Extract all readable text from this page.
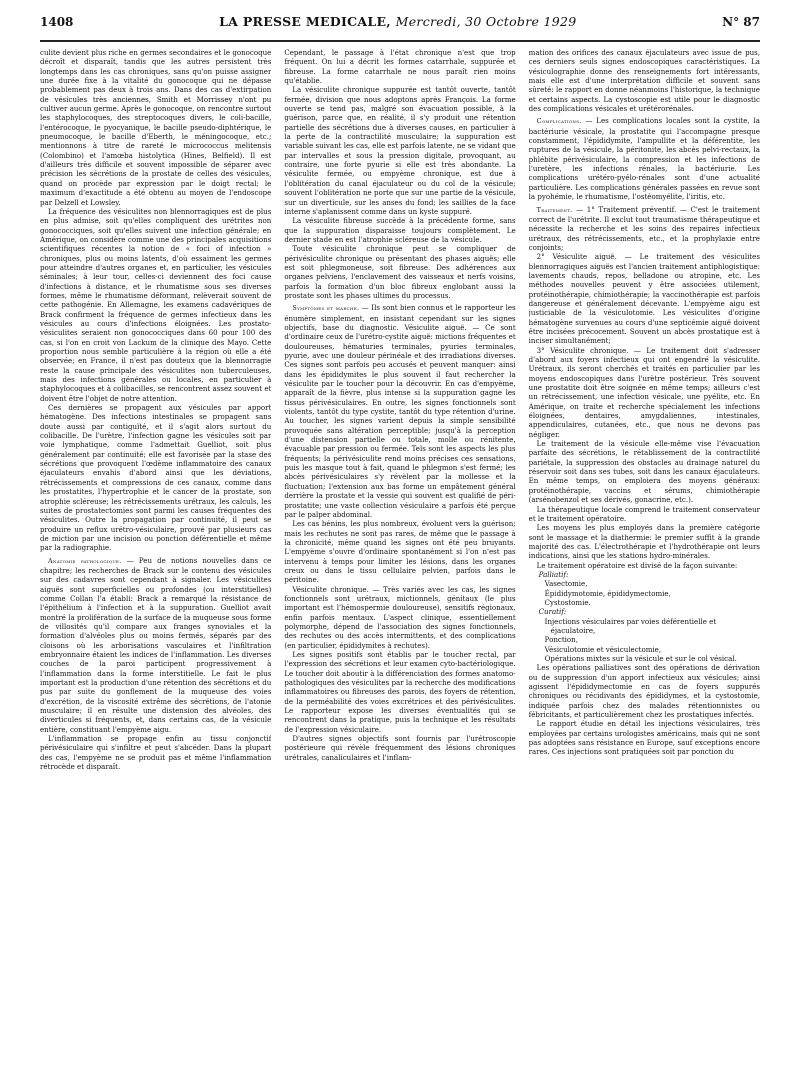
1408	LA PRESSE MEDICALE, Mercredi, 30 Octobre 1929	N° 87

culite devient plus riche en germes secondaires et le gonocoque décroît et disparaît, tandis que les autres persistent très longtemps dans les cas chroniques, sans qu'on puisse assigner une durée fixe à la vitalité du gonocoque qui ne dépasse probablement pas deux à trois ans. Dans des cas d'extirpation de vésicules très anciennes, Smith et Morrissey n'ont pu cultiver aucun germe. Après le gonocoque, on rencontre surtout les staphylocoques, des streptocoques divers, le coli-bacille, l'entérocoque, le pyocyanique, le bacille pseudo-diphtérique, le pneumocoque, le bacille d'Eberth, le méningocoque, etc.; mentionnons à titre de rareté le micrococcus melitensis (Colombino) et l'amœba histolytica (Hines, Belfield). Il est d'ailleurs très difficile et souvent impossible de séparer avec précision les sécrétions de la prostate de celles des vésicules, quand on procède par expression par le doigt rectal; le maximum d'exactitude a été obtenu au moyen de l'endoscope par Delzell et Lowsley.

La fréquence des vésiculites non blennorragiques est de plus en plus admise, soit qu'elles compliquent des urétrites non gonococciques, soit qu'elles suivent une infection générale; en Amérique, on considère comme une des principales acquisitions scientifiques récentes la notion de « foci of infection » chroniques, plus ou moins latents, d'où essaiment les germes pour atteindre d'autres organes et, en particulier, les vésicules séminales; à leur tour, celles-ci deviennent des foci cause d'infections à distance, et le rhumatisme sous ses diverses formes, même le rhumatisme déformant, relèverait souvent de cette pathogénie. En Allemagne, les examens cadavériques de Brack confirment la fréquence de germes infectieux dans les vésicules au cours d'infections éloignées. Les prostato-vésiculites seraient non gonococciques dans 60 pour 100 des cas, si l'on en croit von Lackum de la clinique des Mayo. Cette proportion nous semble particulière à la région où elle a été observée; en France, il n'est pas douteux que la blennorragie reste la cause principale des vésiculites non tuberculeuses, mais des infections générales ou locales, en particulier à staphylocoques et à colibacilles, se rencontrent assez souvent et doivent être l'objet de notre attention.

Ces dernières se propagent aux vésicules par apport hématogène. Des infections intestinales se propagent sans doute aussi par contiguïté, et il s'agit alors surtout du colibacille. De l'urètre, l'infection gagne les vésicules soit par voie lymphatique, comme l'admettait Guelliot, soit plus généralement par continuité; elle est favorisée par la stase des sécrétions que provoquent l'œdème inflammatoire des canaux éjaculateurs envahis d'abord ainsi que les déviations, rétrécissements et compressions de ces canaux, comme dans les prostatites, l'hypertrophie et le cancer de la prostate, son atrophie scléreuse; les rétrécissements urétraux, les calculs, les suites de prostatectomies sont parmi les causes fréquentes des vésiculites. Outre la propagation par continuité, il peut se produire un reflux urétro-vésiculaire, prouvé par plusieurs cas de miction par une incision ou ponction déférentielle et même par la radiographie.

Anatomie pathologique. — Peu de notions nouvelles dans ce chapitre; les recherches de Brack sur le contenu des vésicules sur des cadavres sont cependant à signaler. Les vésiculites aiguës sont superficielles ou profondes (ou interstitielles) comme Collan l'a établi: Brack a remarqué la résistance de l'épithélium à l'infection et à la suppuration. Guelliot avait montré la prolifération de la surface de la muqueuse sous forme de villosités qu'il compare aux franges synoviales et la formation d'alvéoles plus ou moins fermés, séparés par des cloisons où les arborisations vasculaires et l'infiltration embryonnaire étaient les indices de l'inflammation. Les diverses couches de la paroi participent progressivement à l'inflammation dans la forme interstitielle. Le fait le plus important est la production d'une rétention des sécrétions et du pus par suite du gonflement de la muqueuse des voies d'excrétion, de la viscosité extrême des sécrétions, de l'atonie musculaire; il en résulte une distension des alvéoles, des diverticules si fréquents, et, dans certains cas, de la vésicule entière, constituant l'empyème aigu.

L'inflammation se propage enfin au tissu conjonctif périvésiculaire qui s'infiltre et peut s'abcéder. Dans la plupart des cas, l'empyème ne se produit pas et même l'inflammation rétrocède et disparaît.

Cependant, le passage à l'état chronique n'est que trop fréquent. On lui a décrit les formes catarrhale, suppurée et fibreuse. La forme catarrhale ne nous paraît rien moins qu'établie.

La vésiculite chronique suppurée est tantôt ouverte, tantôt fermée, division que nous adoptons après François. La forme ouverte se tend pas, malgré son évacuation possible, à la guérison, parce que, en réalité, il s'y produit une rétention partielle des sécrétions due à diverses causes, en particulier à la perte de la contractilité musculaire; la suppuration est variable suivant les cas, elle est parfois latente, ne se vidant que par intervalles et sous la pression digitale, provoquant, au contraire, une forte pyurie si elle est très abondante. La vésiculite fermée, ou empyème chronique, est due à l'oblitération du canal éjaculateur ou du col de la vésicule; souvent l'oblitération ne porte que sur une partie de la vésicule, sur un diverticule, sur les anses du fond; les saillies de la face interne s'aplanissent comme dans un kyste suppuré.

La vésiculite fibreuse succède à la précédente forme, sans que la suppuration disparaisse toujours complètement. Le dernier stade en est l'atrophie scléreuse de la vésicule.

Toute vésiculite chronique peut se compliquer de périvésiculite chronique ou présentant des phases aiguës; elle est soit phlegmoneuse, soit fibreuse. Des adhérences aux organes pelviens, l'enclavement des vaisseaux et nerfs voisins, parfois la formation d'un bloc fibreux englobant aussi la prostate sont les phases ultimes du processus.

Symptômes et marche. — Ils sont bien connus et le rapporteur les énumère simplement, en insistant cependant sur les signes objectifs, base du diagnostic. Vésiculite aiguë. — Ce sont d'ordinaire ceux de l'urétro-cystite aiguë: mictions fréquentes et douloureuses, hématuries terminales, pyuries terminales, pyurie, avec une douleur périnéale et des irradiations diverses. Ces signes sont parfois peu accusés et peuvent manquer: ainsi dans les épididymites le plus souvent il faut rechercher la vésiculite par le toucher pour la découvrir. En cas d'empyème, apparaît de la fièvre, plus intense si la suppuration gagne les tissus périvésiculaires. En outre, les signes fonctionnels sont violents, tantôt du type cystite, tantôt du type rétention d'urine. Au toucher, les signes varient depuis la simple sensibilité provoquée sans altération perceptible; jusqu'à la perception d'une distension partielle ou totale, molle ou rénitente, évacuable par pression ou fermée. Tels sont les aspects les plus fréquents; la périvésiculite rend moins précises ces sensations, puis les masque tout à fait, quand le phlegmon s'est fermé; les abcès périvésiculaires s'y révèlent par la mollesse et la fluctuation; l'extension aux bas forme un empâtement général derrière la prostate et la vessie qui souvent est qualifié de péri-prostatite; une vaste collection vésiculaire a parfois été perçue par le palper abdominal.

Les cas bénins, les plus nombreux, évoluent vers la guérison; mais les rechutes ne sont pas rares, de même que le passage à la chronicité, même quand les signes ont été peu bruyants. L'empyème s'ouvre d'ordinaire spontanément si l'on n'est pas intervenu à temps pour limiter les lésions, dans les organes creux ou dans le tissu cellulaire pelvien, parfois dans le péritoine.

Vésiculite chronique. — Très variés avec les cas, les signes fonctionnels sont urétraux, mictionnels, génitaux (le plus important est l'hémospermie douloureuse), sensitifs régionaux, enfin parfois mentaux. L'aspect clinique, essentiellement polymorphe, dépend de l'association des signes fonctionnels, des rechutes ou des accès intermittents, et des complications (en particulier, épididymites à rechutes).

Les signes positifs sont établis par le toucher rectal, par l'expression des sécrétions et leur examen cyto-bactériologique. Le toucher doit aboutir à la différenciation des formes anatomo-pathologiques des vésiculites par la recherche des modifications inflammatoires ou fibreuses des parois, des foyers de rétention, de la perméabilité des voies excrétrices et des périvésiculites. Le rapporteur expose les diverses éventualités qui se rencontrent dans la pratique, puis la technique et les résultats de l'expression vésiculaire.

D'autres signes objectifs sont fournis par l'urétroscopie postérieure qui révèle fréquemment des lésions chroniques urétrales, canaliculaires et l'inflam-

mation des orifices des canaux éjaculateurs avec issue de pus, ces derniers seuls signes endoscopiques caractéristiques. La vésiculographie donne des renseignements fort intéressants, mais elle est d'une interprétation difficile et souvent sans sûreté: le rapport en donne néanmoins l'historique, la technique et certains aspects. La cystoscopie est utile pour le diagnostic des complications vésicales et urétérorénales.

Complications. — Les complications locales sont la cystite, la bactériurie vésicale, la prostatite qui l'accompagne presque constamment, l'épididymite, l'ampullite et la déférentite, les ruptures de la vésicule, la péritonite, les abcès pelvi-rectaux, la phlébite périvésiculaire, la compression et les infections de l'uretère, les infections rénales, la bactériurie. Les complications urétéro-pyélo-rénales sont d'une actualité particulière. Les complications générales passées en revue sont la pyohémie, le rhumatisme, l'ostéomyélite, l'iritis, etc.

Traitement. — 1° Traitement préventif. — C'est le traitement correct de l'urétrite. Il exclut tout traumatisme thérapeutique et nécessite la recherche et les soins des repaires infectieux urétraux, des rétrécissements, etc., et la prophylaxie entre conjoints;

2° Vésiculite aiguë. — Le traitement des vésiculites blennorragiques aiguës est l'ancien traitement antiphlogistique: lavements chauds, repos, belladone ou atropine, etc. Les méthodes nouvelles peuvent y être associées utilement, protéinothérapie, chimiothérapie; la vaccinothérapie est parfois dangereuse et généralement décevante. L'empyème aigu est justiciable de la vésiculotomie. Les vésiculites d'origine hématogène survenues au cours d'une septicémie aiguë doivent être incisées précocement. Souvent un abcès prostatique est à inciser simultanément;

3° Vésiculite chronique. — Le traitement doit s'adresser d'abord aux foyers infectieux qui ont engendré la vésiculite. Urétraux, ils seront cherchés et traités en particulier par les moyens endoscopiques dans l'urètre postérieur. Très souvent une prostatite doit être soignée en même temps; ailleurs c'est un rétrécissement, une infection vésicale, une pyélite, etc. En Amérique, on traite et recherche spécialement les infections éloignées, dentaires, amygdaliennes, intestinales, appendiculaires, cutanées, etc., que nous ne devons pas négliger.

Le traitement de la vésicule elle-même vise l'évacuation parfaite des sécrétions, le rétablissement de la contractilité pariétale, la suppression des obstacles au drainage naturel du réservoir soit dans ses tubes, soit dans les canaux éjaculateurs. En même temps, on emploiera des moyens généraux: protéinothérapie, vaccins et sérums, chimiothérapie (arsénobenzol et ses dérivés, gonacrine, etc.).

La thérapeutique locale comprend le traitement conservateur et le traitement opératoire.

Les moyens les plus employés dans la première catégorie sont le massage et la diathermie: le premier suffit à la grande majorité des cas. L'électrothérapie et l'hydrothérapie ont leurs indications, ainsi que les stations hydro-minérales.

Le traitement opératoire est divisé de la façon suivante:

Palliatif:

Vasectomie,

Épididymotomie, épididymectomie,

Cystostomie.

Curatif:

Injections vésiculaires par voies déférentielle et éjaculatoire,

Ponction,

Vésiculotomie et vésiculectomie,

Opérations mixtes sur la vésicule et sur le col vésical.

Les opérations palliatives sont des opérations de dérivation ou de suppression d'un apport infectieux aux vésicules; ainsi agissent l'épididymectomie en cas de foyers suppurés chroniques ou récidivants des épididymes, et la cystostomie, indiquée parfois chez des malades rétentionnistes ou fébricitants, et particulièrement chez les prostatiques infectés.

Le rapport étudie en détail les injections vésiculaires, très employées par certains urologistes américains, mais qui ne sont pas adoptées sans résistance en Europe, sauf exceptions encore rares. Ces injections sont pratiquées soit par ponction du
